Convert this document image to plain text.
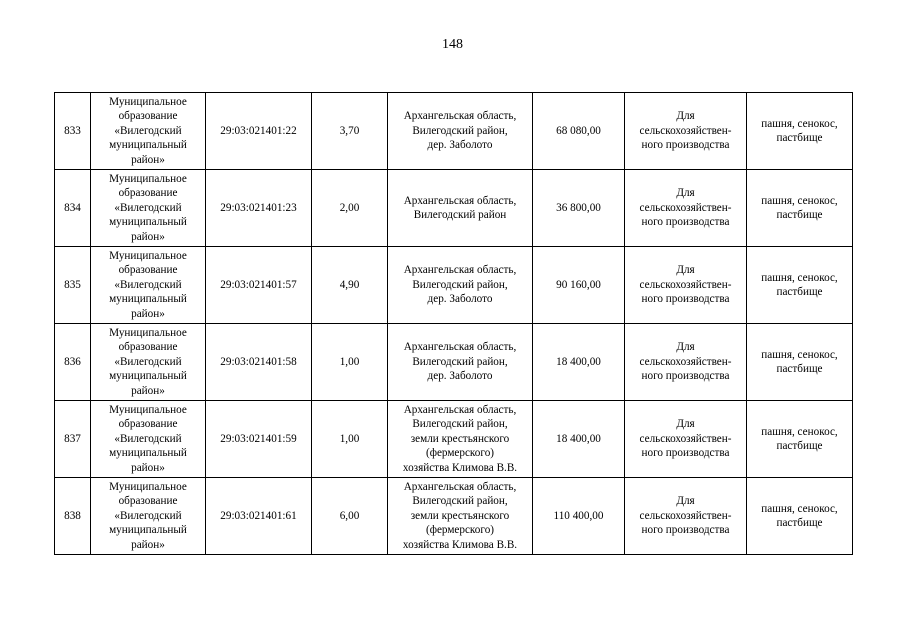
148
833	Муниципальное
образование
«Вилегодский
муниципальный
район»	29:03:021401:22	3,70	Архангельская область,
Вилегодский район,
дер. Заболото	68 080,00	Для
сельскохозяйствен-
ного производства	пашня, сенокос,
пастбище

834	Муниципальное
образование
«Вилегодский
муниципальный
район»	29:03:021401:23	2,00	Архангельская область,
Вилегодский район	36 800,00	Для
сельскохозяйствен-
ного производства	пашня, сенокос,
пастбище

835	Муниципальное
образование
«Вилегодский
муниципальный
район»	29:03:021401:57	4,90	Архангельская область,
Вилегодский район,
дер. Заболото	90 160,00	Для
сельскохозяйствен-
ного производства	пашня, сенокос,
пастбище

836	Муниципальное
образование
«Вилегодский
муниципальный
район»	29:03:021401:58	1,00	Архангельская область,
Вилегодский район,
дер. Заболото	18 400,00	Для
сельскохозяйствен-
ного производства	пашня, сенокос,
пастбище

837	Муниципальное
образование
«Вилегодский
муниципальный
район»	29:03:021401:59	1,00	Архангельская область,
Вилегодский район,
земли крестьянского
(фермерского)
хозяйства Климова В.В.	18 400,00	Для
сельскохозяйствен-
ного производства	пашня, сенокос,
пастбище

838	Муниципальное
образование
«Вилегодский
муниципальный
район»	29:03:021401:61	6,00	Архангельская область,
Вилегодский район,
земли крестьянского
(фермерского)
хозяйства Климова В.В.	110 400,00	Для
сельскохозяйствен-
ного производства	пашня, сенокос,
пастбище
